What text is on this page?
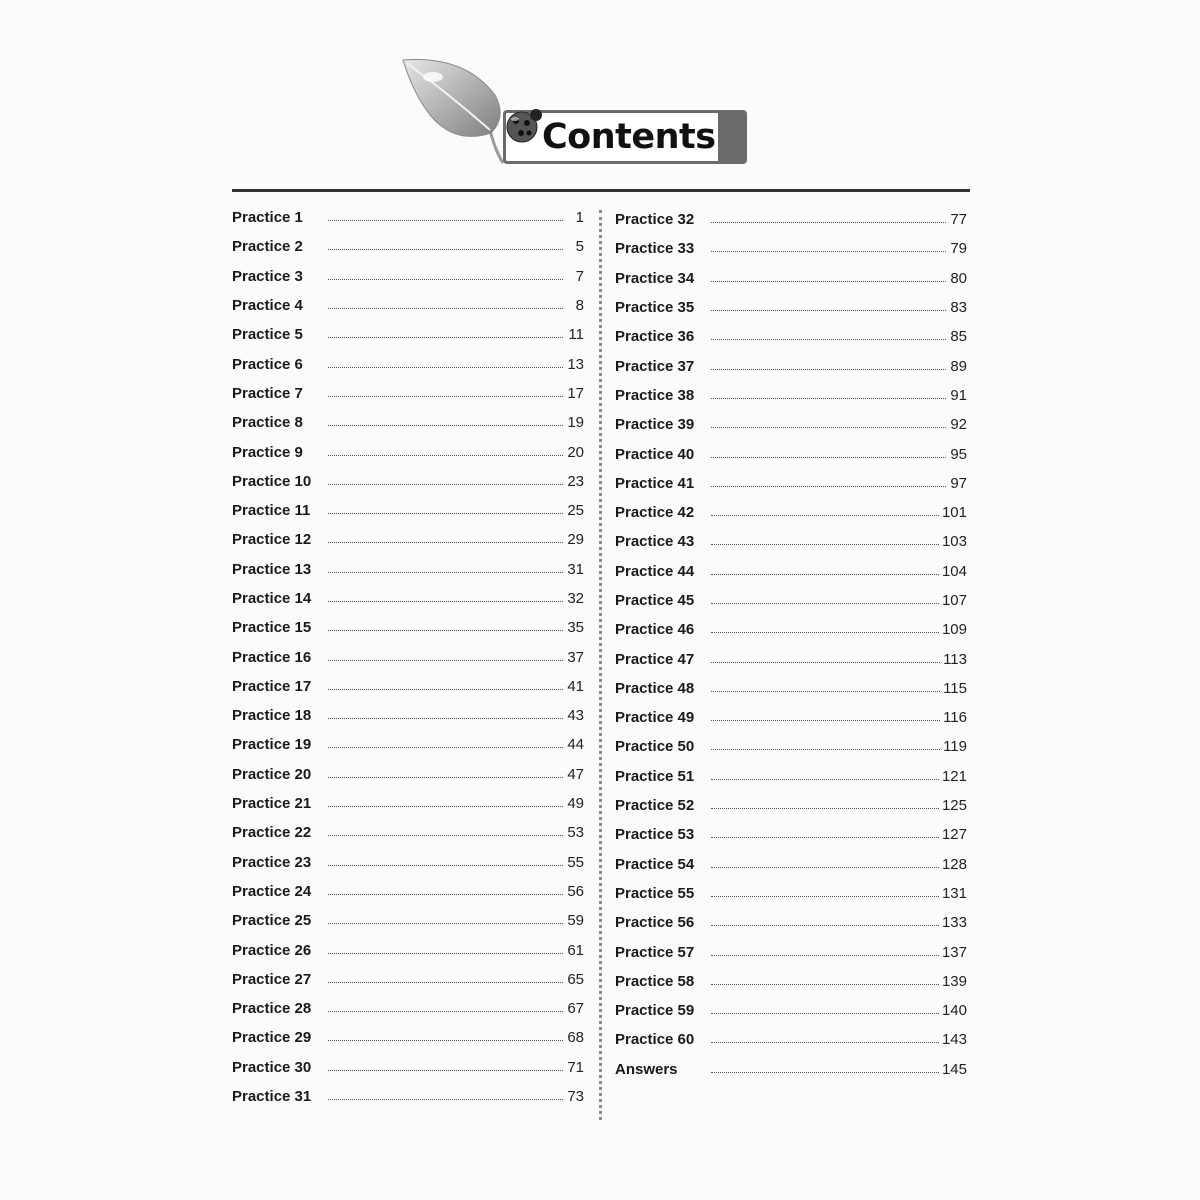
Contents
Practice 1	1
Practice 2	5
Practice 3	7
Practice 4	8
Practice 5	11
Practice 6	13
Practice 7	17
Practice 8	19
Practice 9	20
Practice 10	23
Practice 11	25
Practice 12	29
Practice 13	31
Practice 14	32
Practice 15	35
Practice 16	37
Practice 17	41
Practice 18	43
Practice 19	44
Practice 20	47
Practice 21	49
Practice 22	53
Practice 23	55
Practice 24	56
Practice 25	59
Practice 26	61
Practice 27	65
Practice 28	67
Practice 29	68
Practice 30	71
Practice 31	73
Practice 32	77
Practice 33	79
Practice 34	80
Practice 35	83
Practice 36	85
Practice 37	89
Practice 38	91
Practice 39	92
Practice 40	95
Practice 41	97
Practice 42	101
Practice 43	103
Practice 44	104
Practice 45	107
Practice 46	109
Practice 47	113
Practice 48	115
Practice 49	116
Practice 50	119
Practice 51	121
Practice 52	125
Practice 53	127
Practice 54	128
Practice 55	131
Practice 56	133
Practice 57	137
Practice 58	139
Practice 59	140
Practice 60	143
Answers	145
